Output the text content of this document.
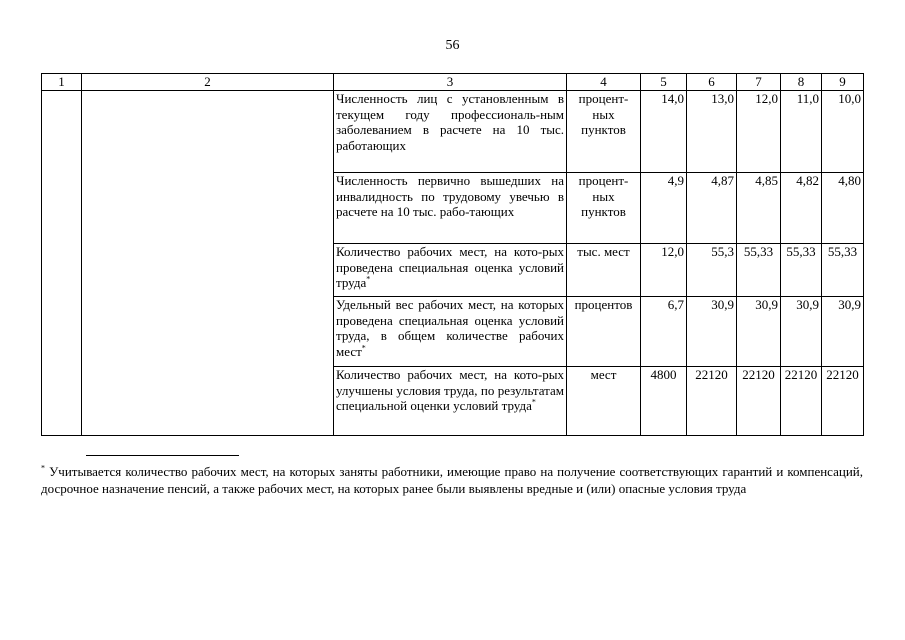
56
1	2	3	4	5	6	7	8	9
		Численность лиц с установленным в текущем году профессиональ-ным заболеванием в расчете на 10 тыс. работающих	процент-ных пунктов	14,0	13,0	12,0	11,0	10,0
		Численность первично вышедших на инвалидность по трудовому увечью в расчете на 10 тыс. рабо-тающих	процент-ных пунктов	4,9	4,87	4,85	4,82	4,80
		Количество рабочих мест, на кото-рых проведена специальная оценка условий труда*	тыс. мест	12,0	55,3	55,33	55,33	55,33
		Удельный вес рабочих мест, на которых проведена специальная оценка условий труда, в общем количестве рабочих мест*	процентов	6,7	30,9	30,9	30,9	30,9
		Количество рабочих мест, на кото-рых улучшены условия труда, по результатам специальной оценки условий труда*	мест	4800	22120	22120	22120	22120
* Учитывается количество рабочих мест, на которых заняты работники, имеющие право на получение соответствующих гарантий и компенсаций, досрочное назначение пенсий, а также рабочих мест, на которых ранее были выявлены вредные и (или) опасные условия труда
